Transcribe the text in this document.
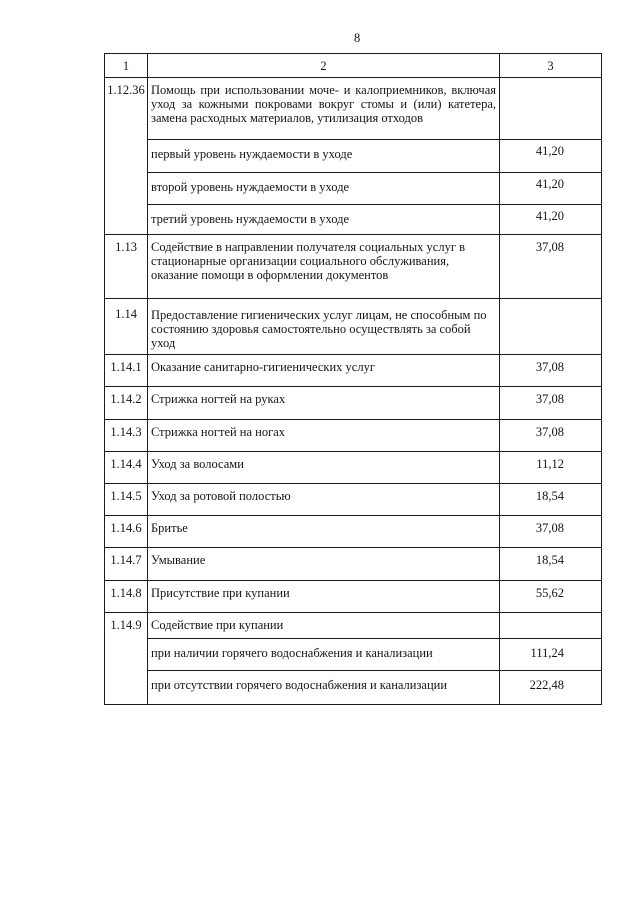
8
1	2	3
1.12.36	Помощь при использовании моче- и калоприемников, включая
уход за кожными покровами вокруг стомы и (или) катетера,
замена расходных материалов, утилизация отходов	

	первый уровень нуждаемости в уходе	41,20
	второй уровень нуждаемости в уходе	41,20
	третий уровень нуждаемости в уходе	41,20
1.13	Содействие в направлении получателя социальных услуг в
стационарные организации социального обслуживания,
оказание помощи в оформлении документов	37,08
1.14	Предоставление гигиенических услуг лицам, не способным по
состоянию здоровья самостоятельно осуществлять за собой
уход	

1.14.1	Оказание санитарно-гигиенических услуг	37,08
1.14.2	Стрижка ногтей на руках	37,08
1.14.3	Стрижка ногтей на ногах	37,08
1.14.4	Уход за волосами	11,12
1.14.5	Уход за ротовой полостью	18,54
1.14.6	Бритье	37,08
1.14.7	Умывание	18,54
1.14.8	Присутствие при купании	55,62
1.14.9	Содействие при купании	
	при наличии горячего водоснабжения и канализации	111,24
	при отсутствии горячего водоснабжения и канализации	222,48
